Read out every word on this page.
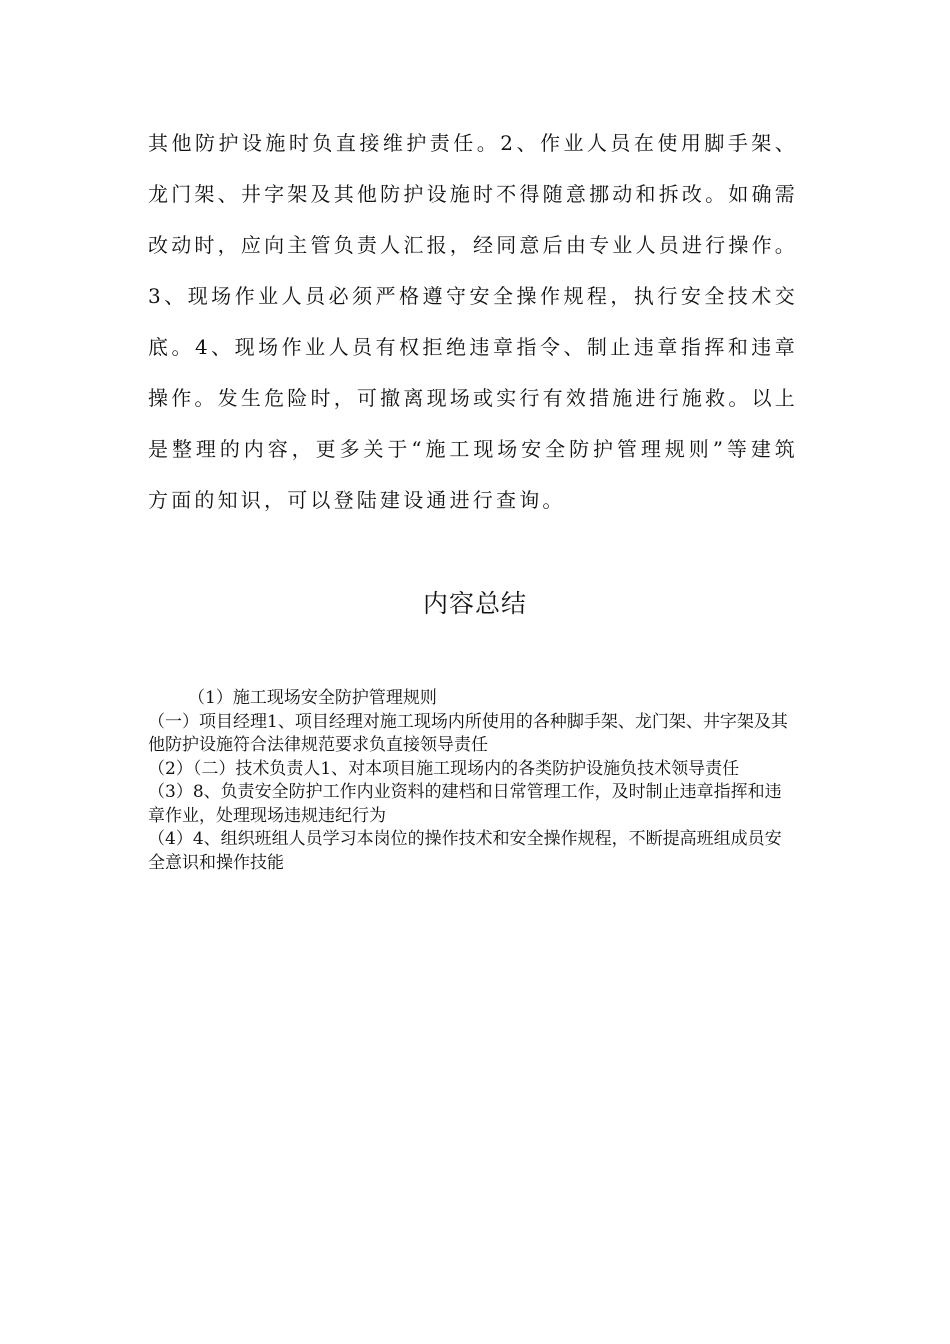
其他防护设施时负直接维护责任。2、作业人员在使用脚手架、龙门架、井字架及其他防护设施时不得随意挪动和拆改。如确需改动时，应向主管负责人汇报，经同意后由专业人员进行操作。3、现场作业人员必须严格遵守安全操作规程，执行安全技术交底。4、现场作业人员有权拒绝违章指令、制止违章指挥和违章操作。发生危险时，可撤离现场或实行有效措施进行施救。以上是整理的内容，更多关于“施工现场安全防护管理规则”等建筑方面的知识，可以登陆建设通进行查询。

内容总结
（1）施工现场安全防护管理规则
（一）项目经理1、项目经理对施工现场内所使用的各种脚手架、龙门架、井字架及其他防护设施符合法律规范要求负直接领导责任
（2）（二）技术负责人1、对本项目施工现场内的各类防护设施负技术领导责任
（3）8、负责安全防护工作内业资料的建档和日常管理工作，及时制止违章指挥和违章作业，处理现场违规违纪行为
（4）4、组织班组人员学习本岗位的操作技术和安全操作规程，不断提高班组成员安全意识和操作技能
